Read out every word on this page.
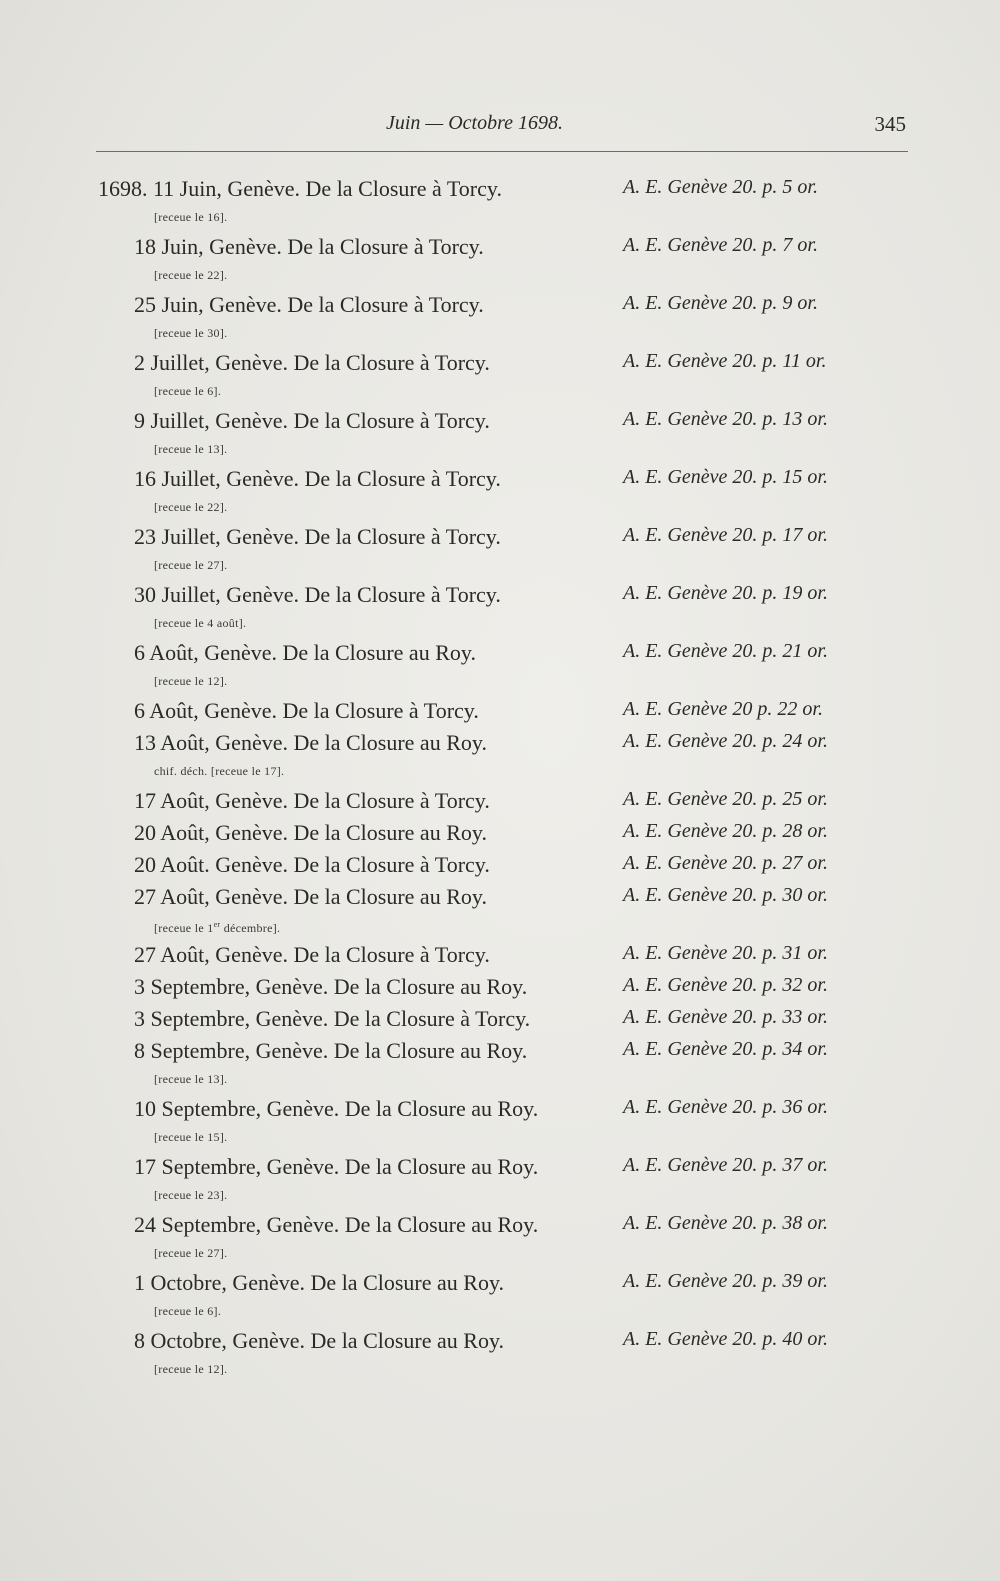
Juin — Octobre 1698.	345
1698. 11 Juin, Genève. De la Closure à Torcy.	A. E. Genève 20. p. 5 or.
[receue le 16].
18 Juin, Genève. De la Closure à Torcy.	A. E. Genève 20. p. 7 or.
[receue le 22].
25 Juin, Genève. De la Closure à Torcy.	A. E. Genève 20. p. 9 or.
[receue le 30].
2 Juillet, Genève. De la Closure à Torcy.	A. E. Genève 20. p. 11 or.
[receue le 6].
9 Juillet, Genève. De la Closure à Torcy.	A. E. Genève 20. p. 13 or.
[receue le 13].
16 Juillet, Genève. De la Closure à Torcy.	A. E. Genève 20. p. 15 or.
[receue le 22].
23 Juillet, Genève. De la Closure à Torcy.	A. E. Genève 20. p. 17 or.
[receue le 27].
30 Juillet, Genève. De la Closure à Torcy.	A. E. Genève 20. p. 19 or.
[receue le 4 août].
6 Août, Genève. De la Closure au Roy.	A. E. Genève 20. p. 21 or.
[receue le 12].
6 Août, Genève. De la Closure à Torcy.	A. E. Genève 20 p. 22 or.
13 Août, Genève. De la Closure au Roy.	A. E. Genève 20. p. 24 or.
chif. déch. [receue le 17].
17 Août, Genève. De la Closure à Torcy.	A. E. Genève 20. p. 25 or.
20 Août, Genève. De la Closure au Roy.	A. E. Genève 20. p. 28 or.
20 Août. Genève. De la Closure à Torcy.	A. E. Genève 20. p. 27 or.
27 Août, Genève. De la Closure au Roy.	A. E. Genève 20. p. 30 or.
[receue le 1er décembre].
27 Août, Genève. De la Closure à Torcy.	A. E. Genève 20. p. 31 or.
3 Septembre, Genève. De la Closure au Roy.	A. E. Genève 20. p. 32 or.
3 Septembre, Genève. De la Closure à Torcy.	A. E. Genève 20. p. 33 or.
8 Septembre, Genève. De la Closure au Roy.	A. E. Genève 20. p. 34 or.
[receue le 13].
10 Septembre, Genève. De la Closure au Roy.	A. E. Genève 20. p. 36 or.
[receue le 15].
17 Septembre, Genève. De la Closure au Roy.	A. E. Genève 20. p. 37 or.
[receue le 23].
24 Septembre, Genève. De la Closure au Roy.	A. E. Genève 20. p. 38 or.
[receue le 27].
1 Octobre, Genève. De la Closure au Roy.	A. E. Genève 20. p. 39 or.
[receue le 6].
8 Octobre, Genève. De la Closure au Roy.	A. E. Genève 20. p. 40 or.
[receue le 12].
